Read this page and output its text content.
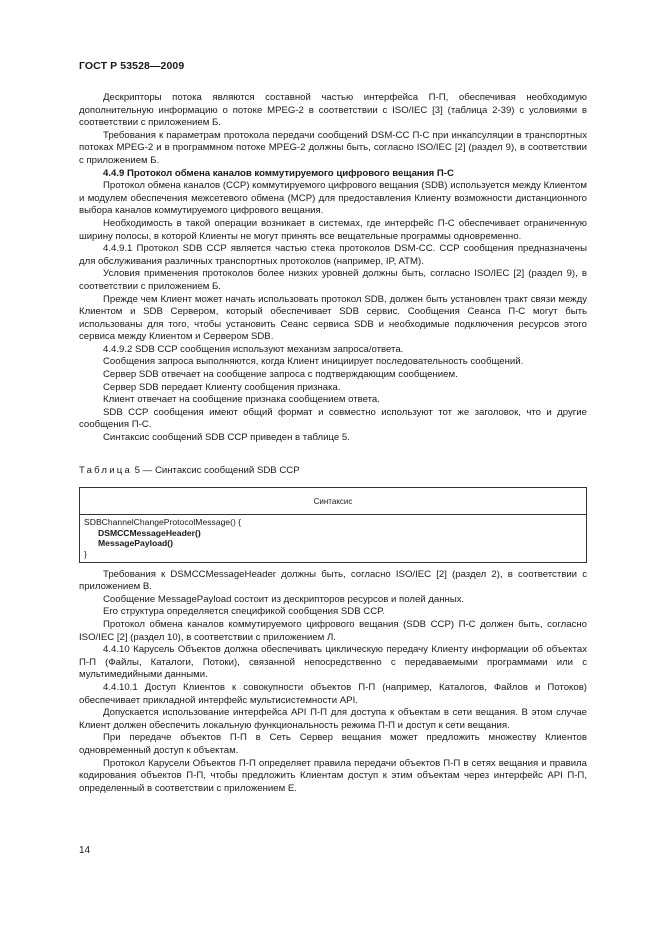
ГОСТ Р 53528—2009

Дескрипторы потока являются составной частью интерфейса П-П, обеспечивая необходимую дополнительную информацию о потоке MPEG-2 в соответствии с ISO/IEC [3] (таблица 2-39) с условиями в соответствии с приложением Б.

Требования к параметрам протокола передачи сообщений DSM-CC П-С при инкапсуляции в транспортных потоках MPEG-2 и в программном потоке MPEG-2 должны быть, согласно ISO/IEC [2] (раздел 9), в соответствии с приложением Б.

4.4.9 Протокол обмена каналов коммутируемого цифрового вещания П-С

Протокол обмена каналов (CCP) коммутируемого цифрового вещания (SDB) используется между Клиентом и модулем обеспечения межсетевого обмена (MCP) для предоставления Клиенту возможности дистанционного выбора каналов коммутируемого цифрового вещания.

Необходимость в такой операции возникает в системах, где интерфейс П-С обеспечивает ограниченную ширину полосы, в которой Клиенты не могут принять все вещательные программы одновременно.

4.4.9.1 Протокол SDB CCP является частью стека протоколов DSM-CC. CCP сообщения предназначены для обслуживания различных транспортных протоколов (например, IP, ATM).

Условия применения протоколов более низких уровней должны быть, согласно ISO/IEC [2] (раздел 9), в соответствии с приложением Б.

Прежде чем Клиент может начать использовать протокол SDB, должен быть установлен тракт связи между Клиентом и SDB Сервером, который обеспечивает SDB сервис. Сообщения Сеанса П-С могут быть использованы для того, чтобы установить Сеанс сервиса SDB и необходимые подключения ресурсов этого сервиса между Клиентом и Сервером SDB.

4.4.9.2 SDB CCP сообщения используют механизм запроса/ответа.

Сообщения запроса выполняются, когда Клиент инициирует последовательность сообщений.

Сервер SDB отвечает на сообщение запроса с подтверждающим сообщением.

Сервер SDB передает Клиенту сообщения признака.

Клиент отвечает на сообщение признака сообщением ответа.

SDB CCP сообщения имеют общий формат и совместно используют тот же заголовок, что и другие сообщения П-С.

Синтаксис сообщений SDB CCP приведен в таблице 5.

Таблица 5 — Синтаксис сообщений SDB CCP
Синтаксис

SDBChannelChangeProtocolMessage() {
DSMCCMessageHeader()
MessagePayload()
}

Требования к DSMCCMessageHeader должны быть, согласно ISO/IEC [2] (раздел 2), в соответствии с приложением В.

Сообщение MessagePayload состоит из дескрипторов ресурсов и полей данных.

Его структура определяется спецификой сообщения SDB CCP.

Протокол обмена каналов коммутируемого цифрового вещания (SDB CCP) П-С должен быть, согласно ISO/IEC [2] (раздел 10), в соответствии с приложением Л.

4.4.10 Карусель Объектов должна обеспечивать циклическую передачу Клиенту информации об объектах П-П (Файлы, Каталоги, Потоки), связанной непосредственно с передаваемыми программами или с мультимедийными данными.

4.4.10.1 Доступ Клиентов к совокупности объектов П-П (например, Каталогов, Файлов и Потоков) обеспечивает прикладной интерфейс мультисистемности API.

Допускается использование интерфейса API П-П для доступа к объектам в сети вещания. В этом случае Клиент должен обеспечить локальную функциональность режима П-П и доступ к сети вещания.

При передаче объектов П-П в Сеть Сервер вещания может предложить множеству Клиентов одновременный доступ к объектам.

Протокол Карусели Объектов П-П определяет правила передачи объектов П-П в сетях вещания и правила кодирования объектов П-П, чтобы предложить Клиентам доступ к этим объектам через интерфейс API П-П, определенный в соответствии с приложением Е.

14
